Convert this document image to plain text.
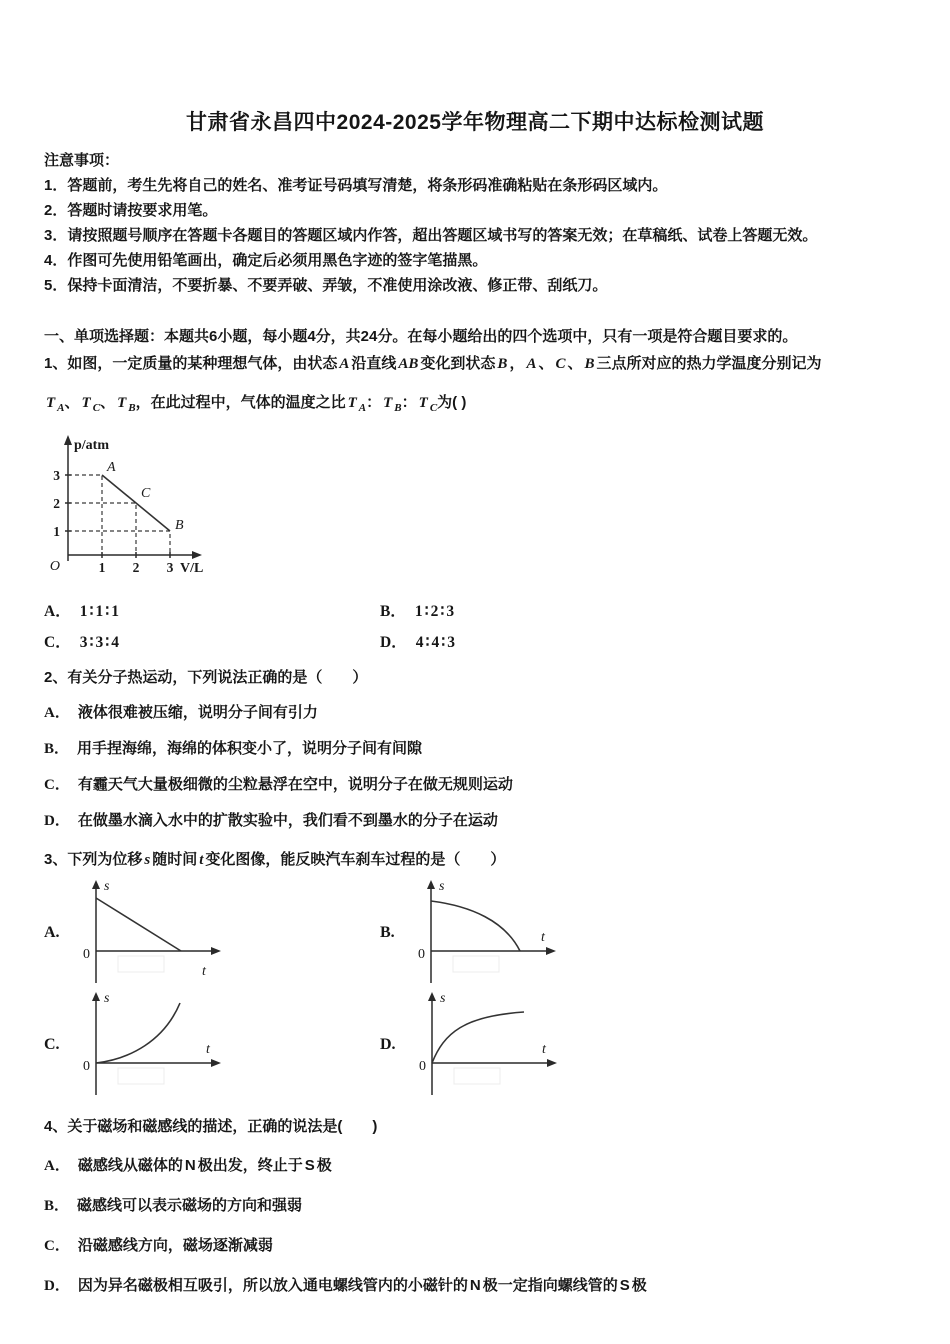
甘肃省永昌四中2024-2025学年物理高二下期中达标检测试题
注意事项：
1．答题前，考生先将自己的姓名、准考证号码填写清楚，将条形码准确粘贴在条形码区域内。
2．答题时请按要求用笔。
3．请按照题号顺序在答题卡各题目的答题区域内作答，超出答题区域书写的答案无效；在草稿纸、试卷上答题无效。
4．作图可先使用铅笔画出，确定后必须用黑色字迹的签字笔描黑。
5．保持卡面清洁，不要折暴、不要弄破、弄皱，不准使用涂改液、修正带、刮纸刀。
一、单项选择题：本题共6小题，每小题4分，共24分。在每小题给出的四个选项中，只有一项是符合题目要求的。
1、如图，一定质量的某种理想气体，由状态 A 沿直线 AB 变化到状态 B ， A 、 C 、 B 三点所对应的热力学温度分别记为
T $_A$、 T $_C$、 T $_B$，在此过程中，气体的温度之比 T $_A$： T $_B$： T $_C$为( )
p/atm
V/L
O
3
2
1
1 2 3
A
C
B
A． 1∶1∶1	B． 1∶2∶3
C． 3∶3∶4	D． 4∶4∶3
2、有关分子热运动，下列说法正确的是（　　）
A． 液体很难被压缩，说明分子间有引力
B． 用手捏海绵，海绵的体积变小了，说明分子间有间隙
C． 有霾天气大量极细微的尘粒悬浮在空中，说明分子在做无规则运动
D． 在做墨水滴入水中的扩散实验中，我们看不到墨水的分子在运动
3、下列为位移 s 随时间 t 变化图像，能反映汽车刹车过程的是（　　）
A.
s
0
t
B.
s
0
t
C.
s
0
t	D.
s
0
t
4、关于磁场和磁感线的描述，正确的说法是(　　)
A． 磁感线从磁体的 N 极出发，终止于 S 极
B． 磁感线可以表示磁场的方向和强弱
C． 沿磁感线方向，磁场逐渐减弱
D． 因为异名磁极相互吸引，所以放入通电螺线管内的小磁针的 N 极一定指向螺线管的 S 极
